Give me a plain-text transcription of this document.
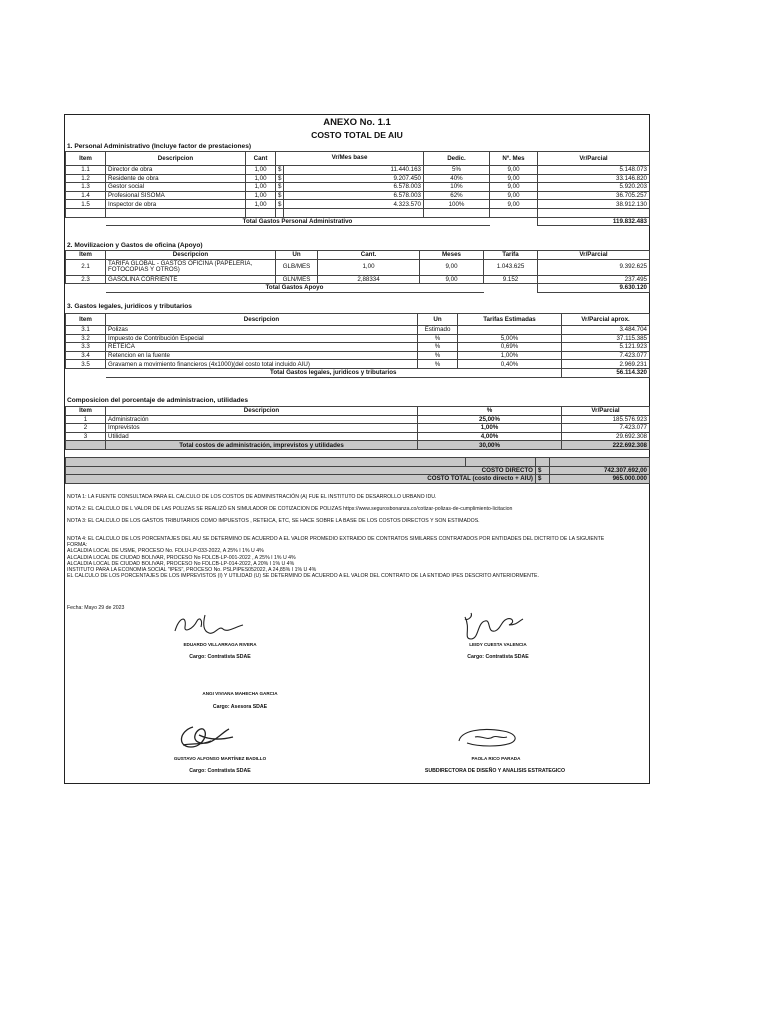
ANEXO No. 1.1
COSTO TOTAL DE AIU
1. Personal Administrativo (Incluye factor de prestaciones)
Item	Descripcion	Cant	Vr/Mes base		Dedic.	Nº. Mes	Vr/Parcial
1.1	Director de obra	1,00	$	11.440.163	5%	9,00	5.148.073
1.2	Residente de obra	1,00	$	9.207.450	40%	9,00	33.146.820
1.3	Gestor social	1,00	$	6.578.003	10%	9,00	5.920.203
1.4	Profesional SISOMA	1,00	$	6.578.003	62%	9,00	36.705.257
1.5	Inspector de obra	1,00	$	4.323.570	100%	9,00	38.912.130

	Total Gastos Personal Administrativo						119.832.483
2. Movilizacion y Gastos de oficina (Apoyo)
Item	Descripcion	Un	Cant.	Meses	Tarifa	Vr/Parcial
2.1	TARIFA GLOBAL - GASTOS OFICINA (PAPELERIA,
FOTOCOPIAS Y OTROS)	GLB/MES	1,00	9,00	1.043.625	9.392.625
2.3	GASOLINA CORRIENTE	GLN/MES	2,88334	9,00	9.152	237.495
	Total Gastos Apoyo					9.630.120
3. Gastos legales, juridicos y tributarios
Item	Descripcion	Un	Tarifas Estimadas	Vr/Parcial aprox.
3.1	Polizas	Estimado		3.484.704
3.2	Impuesto de Contribución Especial	%	5,00%	37.115.385
3.3	RETEICA	%	0,69%	5.121.923
3.4	Retencion en la fuente	%	1,00%	7.423.077
3.5	Gravamen a movimiento financieros (4x1000)(del costo total incluido AIU)	%	0,40%	2.969.231
	Total Gastos legales, juridicos y tributarios			56.114.320
Composicion del porcentaje de administracion, utilidades
Item	Descripcion	%	Vr/Parcial
1	Administración	25,00%	185.576.923
2	Imprevistos	1,00%	7.423.077
3	Utilidad	4,00%	29.692.308
	Total costos de administración, imprevistos y utilidades	30,00%	222.692.308

COSTO DIRECTO		$	742.307.692,00
COSTO TOTAL (costo directo + AIU)		$	965.000.000
NOTA 1: LA FUENTE CONSULTADA PARA EL CALCULO DE LOS COSTOS DE ADMINISTRACIÓN (A) FUE EL INSTITUTO DE DESARROLLO URBANO IDU.
NOTA 2: EL CALCULO DE L VALOR DE LAS POLIZAS SE REALIZÓ EN SIMULADOR DE COTIZACION DE POLIZAS https://www.segurosbonanza.co/cotizar-polizas-de-cumplimiento-licitacion
NOTA 3: EL CALCULO DE LOS GASTOS TRIBUTARIOS COMO IMPUESTOS , RETEICA, ETC, SE HACE SOBRE LA BASE DE LOS COSTOS DIRECTOS Y SON ESTIMADOS.
NOTA 4: EL CALCULO DE LOS PORCENTAJES DEL AIU SE DETERMINO DE ACUERDO A EL VALOR PROMEDIO EXTRAIDO DE CONTRATOS SIMILARES CONTRATADOS POR ENTIDADES DEL DICTRITO DE LA SIGUIENTE
FORMA:
ALCALDIA LOCAL DE USME, PROCESO No. FDLU-LP-033-2022, A 25% I 1% U 4%
ALCALDIA LOCAL DE CIUDAD BOLIVAR, PROCESO No FDLCB-LP-001-2022 , A 25% I 1% U 4%
ALCALDIA LOCAL DE CIUDAD BOLIVAR, PROCESO No FDLCB-LP-014-2022, A 20% I 1% U 4%
INSTITUTO PARA LA ECONOMIA SOCIAL "IPES", PROCESO No. PSLPIPES052022, A 24,85% I 1% U 4%
EL CALCULO DE LOS PORCENTAJES DE LOS IMPREVISTOS (I) Y UTILIDAD (U) SE DETERMINO DE ACUERDO A EL VALOR DEL CONTRATO DE LA ENTIDAD IPES DESCRITO ANTERIORMENTE.
Fecha: Mayo 29 de 2023
EDUARDO VILLARRAGA RIVERA
Cargo: Contratista SDAE
LEIDY CUESTA VALENCIA
Cargo: Contratista SDAE
ANGI VIVIANA MAHECHA GARCIA
Cargo: Asesora SDAE
GUSTAVO ALFONSO MARTÍNEZ BADILLO
Cargo: Contratista SDAE
PAOLA RICO PARADA
SUBDIRECTORA DE DISEÑO Y ANALISIS ESTRATEGICO
